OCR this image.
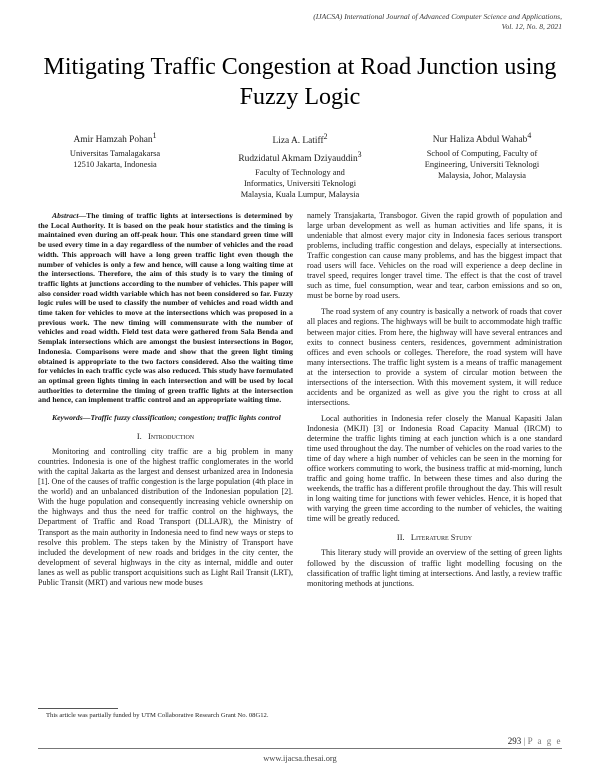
(IJACSA) International Journal of Advanced Computer Science and Applications,
Vol. 12, No. 8, 2021
Mitigating Traffic Congestion at Road Junction using Fuzzy Logic
Amir Hamzah Pohan$^1$
Universitas Tamalagakarsa
12510 Jakarta, Indonesia
Liza A. Latiff$^2$
Rudzidatul Akmam Dziyauddin$^3$
Faculty of Technology and
Informatics, Universiti Teknologi
Malaysia, Kuala Lumpur, Malaysia
Nur Haliza Abdul Wahab$^4$
School of Computing, Faculty of
Engineering, Universiti Teknologi
Malaysia, Johor, Malaysia

Abstract—The timing of traffic lights at intersections is determined by the Local Authority. It is based on the peak hour statistics and the timing is maintained even during an off-peak hour. This one standard green time will be used every time in a day regardless of the number of vehicles and the road width. This approach will have a long green traffic light even though the number of vehicles is only a few and hence, will cause a long waiting time at the intersections. Therefore, the aim of this study is to vary the timing of traffic lights at junctions according to the number of vehicles. This paper will also consider road width variable which has not been considered so far. Fuzzy logic rules will be used to classify the number of vehicles and road width and time taken for vehicles to move at the intersections which was proposed in a previous work. The new timing will commensurate with the number of vehicles and road width. Field test data were gathered from Sala Benda and Semplak intersections which are amongst the busiest intersections in Bogor, Indonesia. Comparisons were made and show that the green light timing obtained is appropriate to the two factors considered. Also the waiting time for vehicles in each traffic cycle was also reduced. This study have formulated an optimal green lights timing in each intersection and will be used by local authorities to determine the timing of green traffic lights at the intersection and hence, can implement traffic control and an appropriate waiting time.

Keywords—Traffic fuzzy classification; congestion; traffic lights control

I. Introduction

Monitoring and controlling city traffic are a big problem in many countries. Indonesia is one of the highest traffic conglomerates in the world with the capital Jakarta as the largest and densest urbanized area in Indonesia [1]. One of the causes of traffic congestion is the large population (4th place in the world) and an unbalanced distribution of the Indonesian population [2]. With the huge population and consequently increasing vehicle ownership on the highways and thus the need for traffic control on the highways, the Department of Traffic and Road Transport (DLLAJR), the Ministry of Transport as the main authority in Indonesia need to find new ways or steps to resolve this problem. The steps taken by the Ministry of Transport have included the development of new roads and bridges in the city center, the development of several highways in the city as internal, middle and outer lanes as well as public transport acquisitions such as Light Rail Transit (LRT), Public Transit (MRT) and various new mode buses

namely Transjakarta, Transbogor. Given the rapid growth of population and large urban development as well as human activities and life spans, it is undeniable that almost every major city in Indonesia faces serious transport problems, including traffic congestion and delays, especially at intersections. Traffic congestion can cause many problems, and has the biggest impact that road users will face. Vehicles on the road will experience a deep decline in travel speed, requires longer travel time. The effect is that the cost of travel such as time, fuel consumption, wear and tear, carbon emissions and so on, must be borne by road users.

The road system of any country is basically a network of roads that cover all places and regions. The highways will be built to accommodate high traffic between major cities. From here, the highway will have several entrances and exits to connect business centers, residences, government administration offices and even schools or colleges. Therefore, the road system will have many intersections. The traffic light system is a means of traffic management at the intersection to provide a system of circular motion between the intersections of the intersection. With this movement system, it will reduce accidents and be organized as well as give you the right to cross at all intersections.

Local authorities in Indonesia refer closely the Manual Kapasiti Jalan Indonesia (MKJI) [3] or Indonesia Road Capacity Manual (IRCM) to determine the traffic lights timing at each junction which is a one standard time used throughout the day. The number of vehicles on the road varies to the time of day where a high number of vehicles can be seen in the morning for office workers commuting to work, the business traffic at mid-morning, lunch traffic and going home traffic. In between these times and also during the weekends, the traffic has a different profile throughout the day. This will result in long waiting time for junctions with fewer vehicles. Hence, it is hoped that with varying the green time according to the number of vehicles, the waiting time will be greatly reduced.

II. Literature Study

This literary study will provide an overview of the setting of green lights followed by the discussion of traffic light modelling focusing on the classification of traffic light timing at intersections. And lastly, a review traffic monitoring methods at junctions.

This article was partially funded by UTM Collaborative Research Grant No. 08G12.
293 | P a g e
www.ijacsa.thesai.org
